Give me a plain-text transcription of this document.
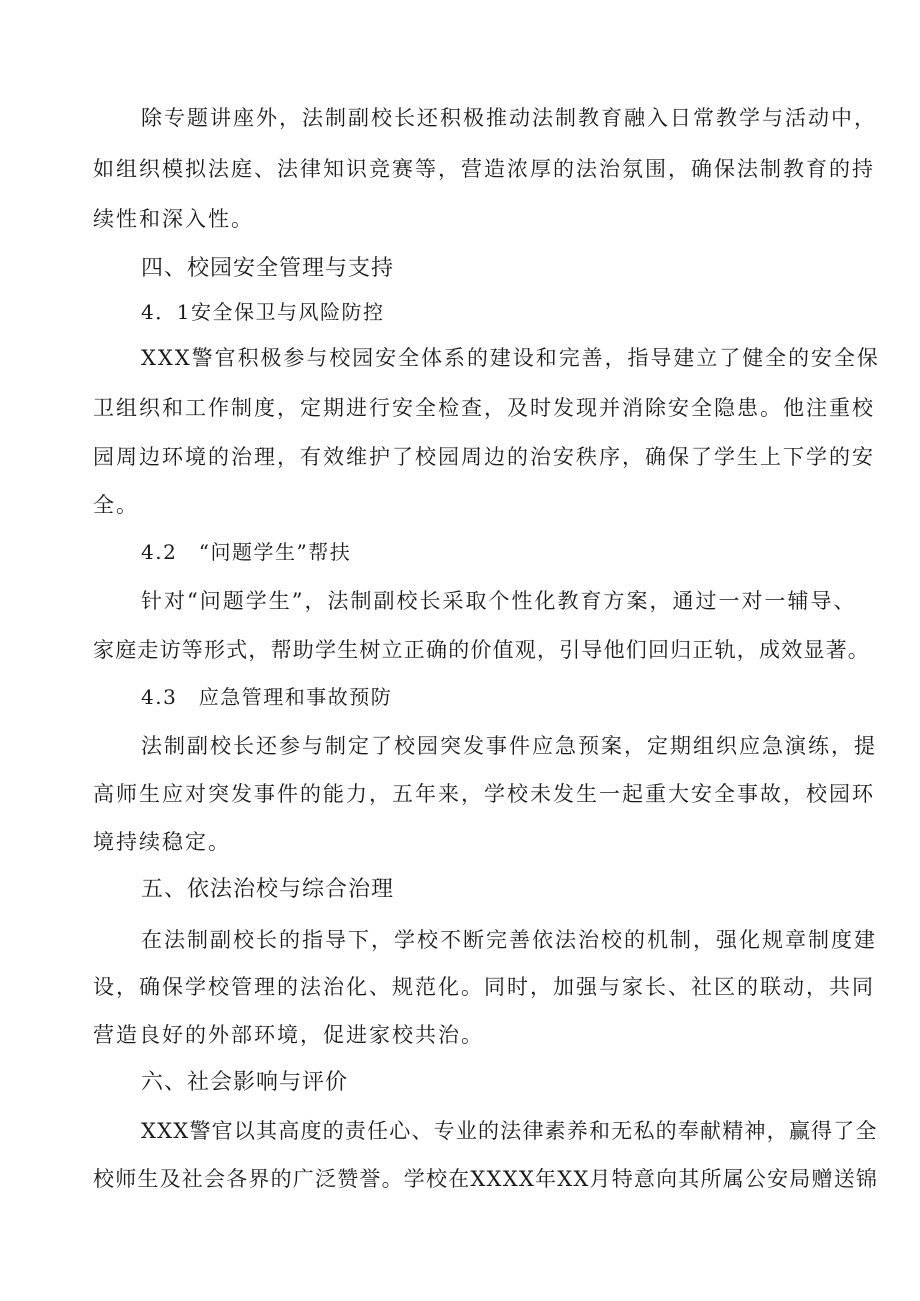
除专题讲座外，法制副校长还积极推动法制教育融入日常教学与活动中，
如组织模拟法庭、法律知识竞赛等，营造浓厚的法治氛围，确保法制教育的持
续性和深入性。
四、校园安全管理与支持
4．1安全保卫与风险防控
XXX警官积极参与校园安全体系的建设和完善，指导建立了健全的安全保
卫组织和工作制度，定期进行安全检查，及时发现并消除安全隐患。他注重校
园周边环境的治理，有效维护了校园周边的治安秩序，确保了学生上下学的安
全。
4.2　“问题学生”帮扶
针对“问题学生”，法制副校长采取个性化教育方案，通过一对一辅导、
家庭走访等形式，帮助学生树立正确的价值观，引导他们回归正轨，成效显著。
4.3　应急管理和事故预防
法制副校长还参与制定了校园突发事件应急预案，定期组织应急演练，提
高师生应对突发事件的能力，五年来，学校未发生一起重大安全事故，校园环
境持续稳定。
五、依法治校与综合治理
在法制副校长的指导下，学校不断完善依法治校的机制，强化规章制度建
设，确保学校管理的法治化、规范化。同时，加强与家长、社区的联动，共同
营造良好的外部环境，促进家校共治。
六、社会影响与评价
XXX警官以其高度的责任心、专业的法律素养和无私的奉献精神，赢得了全
校师生及社会各界的广泛赞誉。学校在XXXX年XX月特意向其所属公安局赠送锦
